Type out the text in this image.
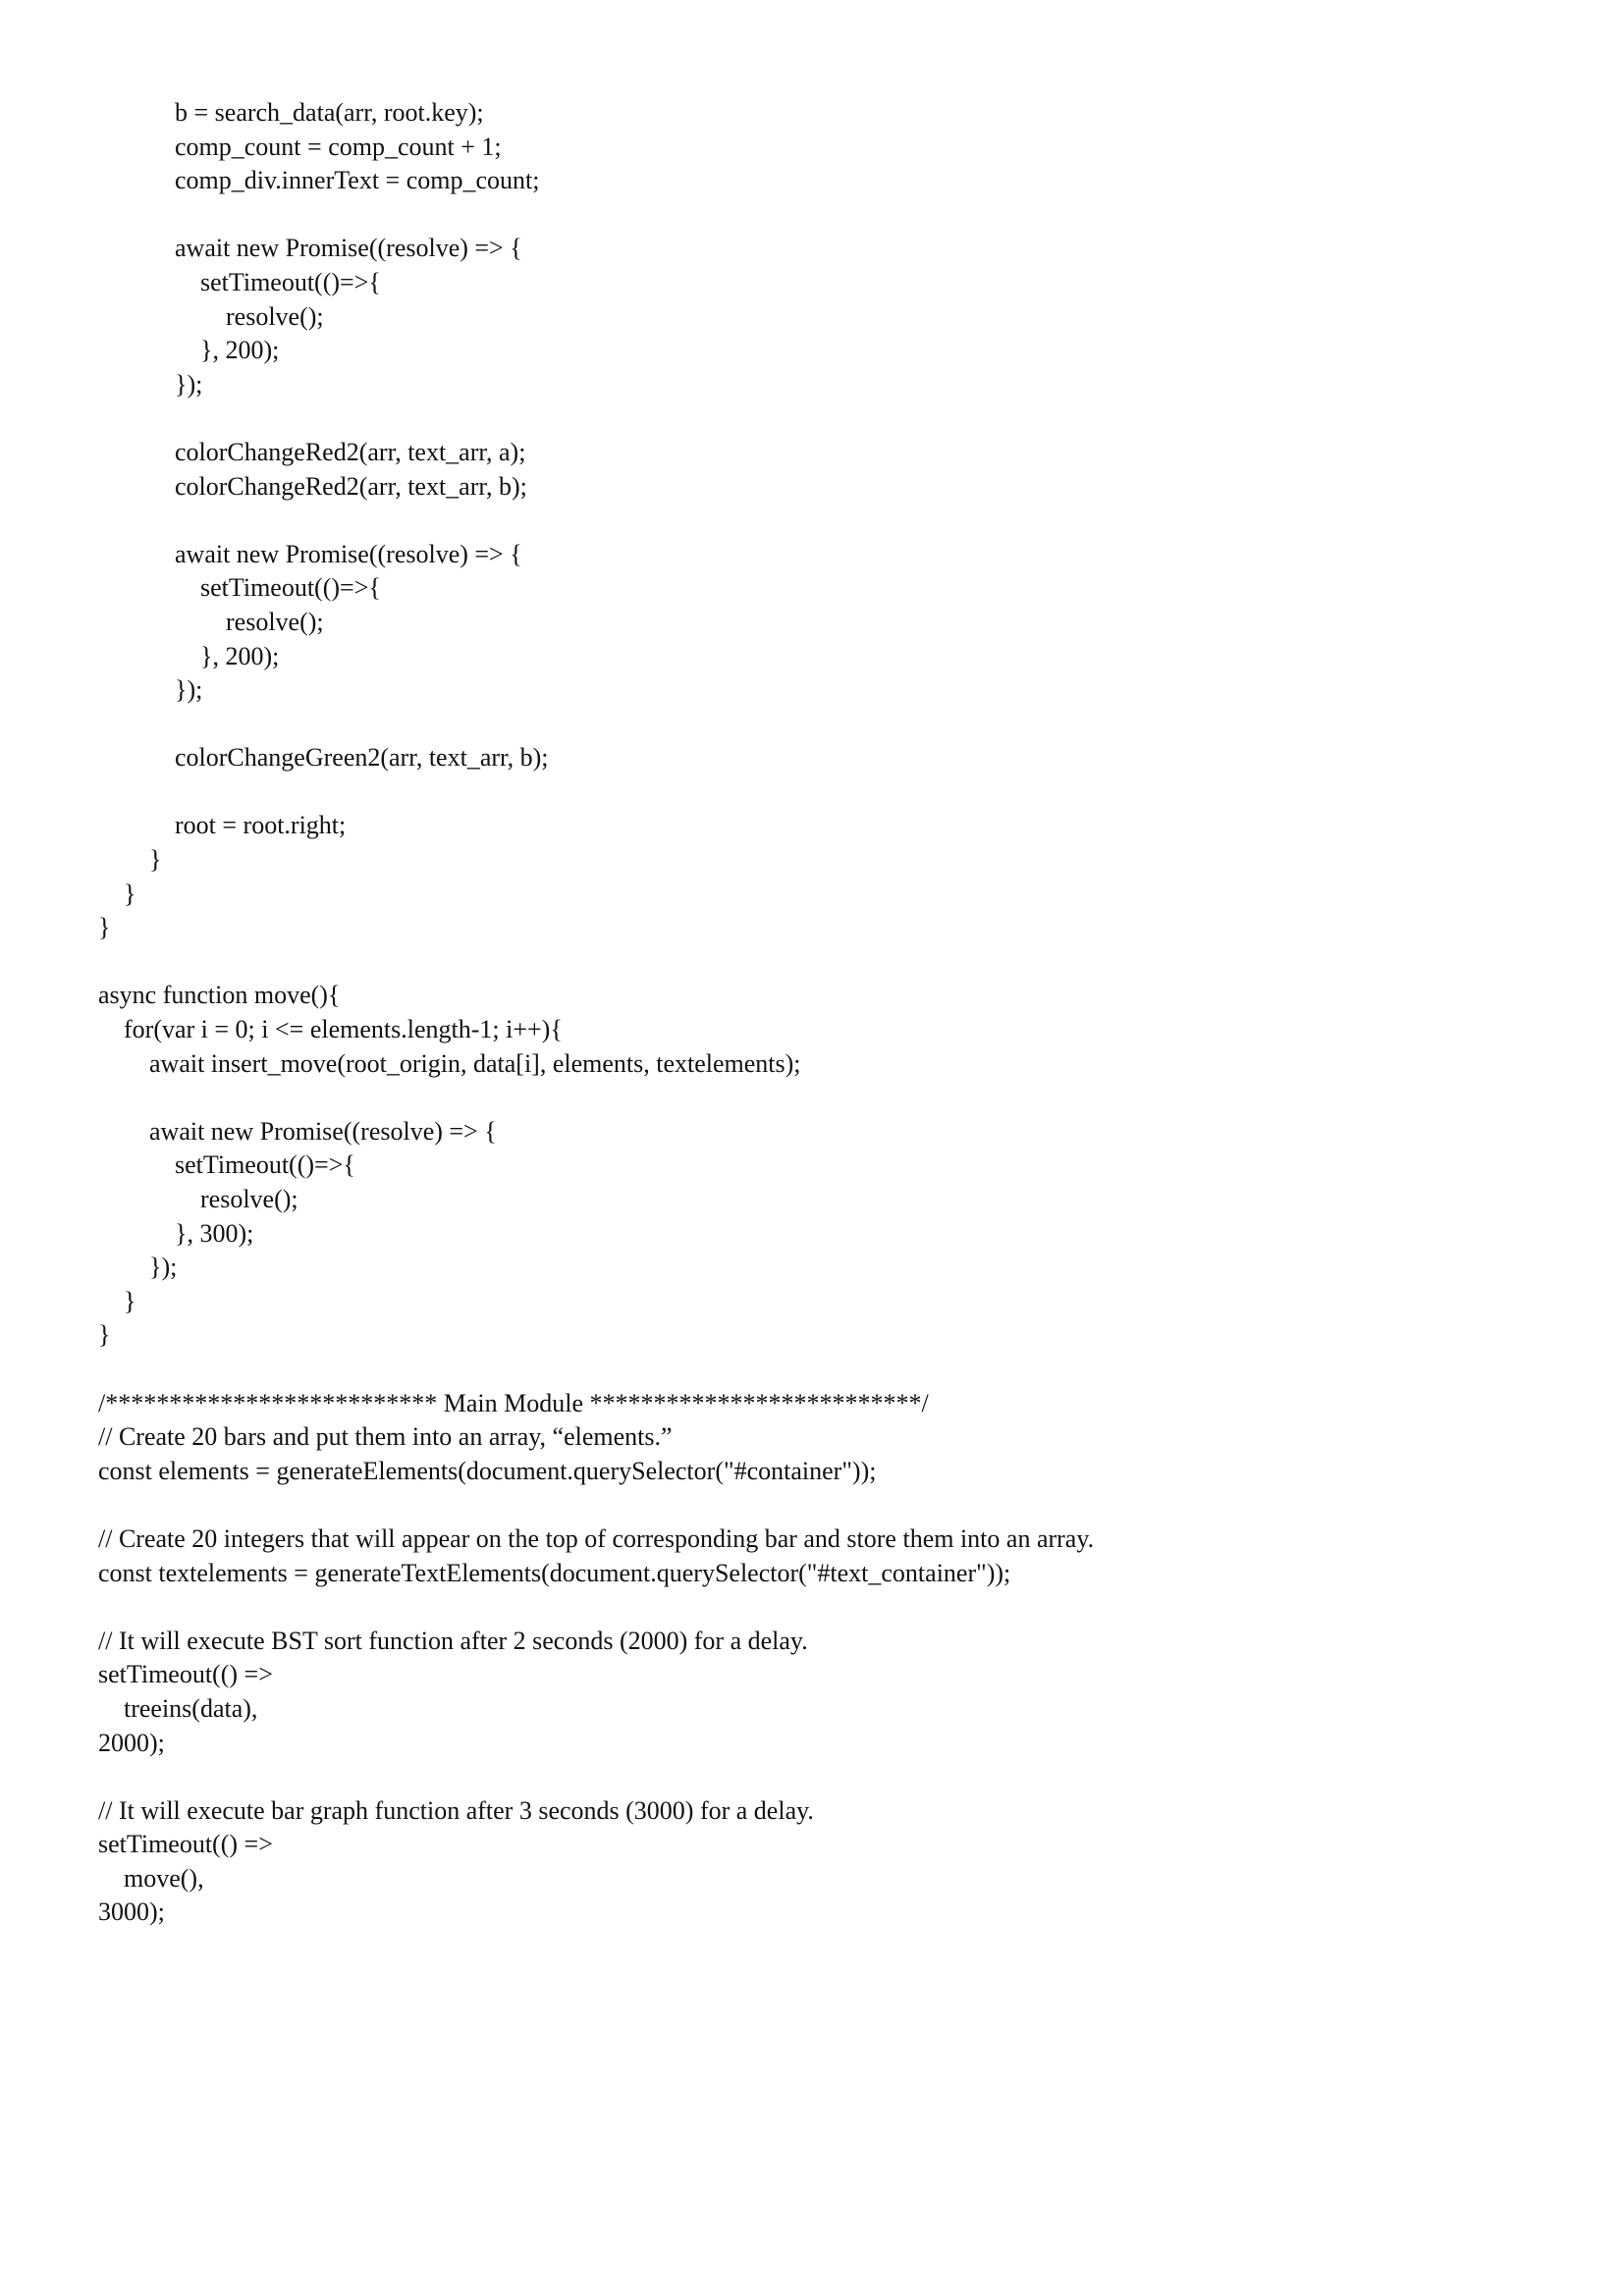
b = search_data(arr, root.key);
comp_count = comp_count + 1;
comp_div.innerText = comp_count;
await new Promise((resolve) => {
setTimeout(()=>{
resolve();
}, 200);
});
colorChangeRed2(arr, text_arr, a);
colorChangeRed2(arr, text_arr, b);
await new Promise((resolve) => {
setTimeout(()=>{
resolve();
}, 200);
});
colorChangeGreen2(arr, text_arr, b);
root = root.right;
}
}
}
async function move(){
for(var i = 0; i <= elements.length-1; i++){
await insert_move(root_origin, data[i], elements, textelements);
await new Promise((resolve) => {
setTimeout(()=>{
resolve();
}, 300);
});
}
}
/************************** Main Module **************************/
// Create 20 bars and put them into an array, “elements.”
const elements = generateElements(document.querySelector("#container"));
// Create 20 integers that will appear on the top of corresponding bar and store them into an array.
const textelements = generateTextElements(document.querySelector("#text_container"));
// It will execute BST sort function after 2 seconds (2000) for a delay.
setTimeout(() =>
treeins(data),
2000);
// It will execute bar graph function after 3 seconds (3000) for a delay.
setTimeout(() =>
move(),
3000);
